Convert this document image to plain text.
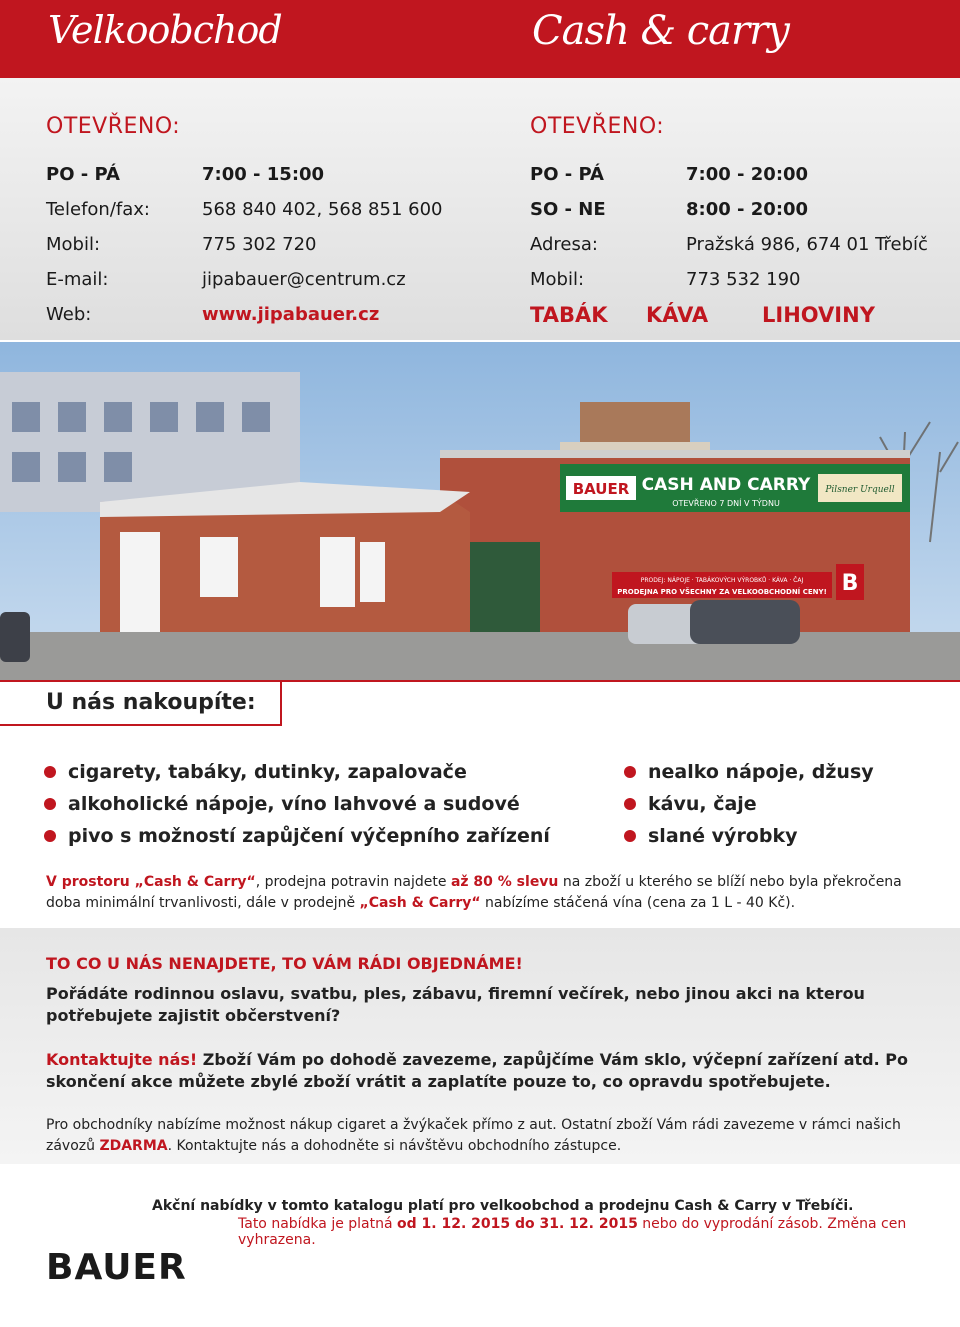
Velkoobchod	Cash & carry
OTEVŘENO:
PO - PÁ	7:00 - 15:00
Telefon/fax:	568 840 402, 568 851 600
Mobil:	775 302 720
E-mail:	jipabauer@centrum.cz
Web:	www.jipabauer.cz
OTEVŘENO:
PO - PÁ	7:00 - 20:00
SO - NE	8:00 - 20:00
Adresa:	Pražská 986, 674 01 Třebíč
Mobil:	773 532 190
TABÁK	KÁVA	LIHOVINY
BAUER CASH AND CARRY
OTEVŘENO 7 DNÍ V TÝDNU
Pilsner Urquell
PRODEJ: NÁPOJE · TABÁKOVÝCH VÝROBKŮ · KÁVA · ČAJ
PRODEJNA PRO VŠECHNY ZA VELKOOBCHODNÍ CENY! B
U nás nakoupíte:
cigarety, tabáky, dutinky, zapalovače
alkoholické nápoje, víno lahvové a sudové
pivo s možností zapůjčení výčepního zařízení
nealko nápoje, džusy
kávu, čaje
slané výrobky

V prostoru „Cash & Carry“, prodejna potravin najdete až 80 % slevu na zboží u kterého se blíží nebo byla překročena doba minimální trvanlivosti, dále v prodejně „Cash & Carry“ nabízíme stáčená vína (cena za 1 L - 40 Kč).

TO CO U NÁS NENAJDETE, TO VÁM RÁDI OBJEDNÁME!

Pořádáte rodinnou oslavu, svatbu, ples, zábavu, firemní večírek, nebo jinou akci na kterou potřebujete zajistit občerstvení?

Kontaktujte nás! Zboží Vám po dohodě zavezeme, zapůjčíme Vám sklo, výčepní zařízení atd. Po skončení akce můžete zbylé zboží vrátit a zaplatíte pouze to, co opravdu spotřebujete.

Pro obchodníky nabízíme možnost nákup cigaret a žvýkaček přímo z aut. Ostatní zboží Vám rádi zavezeme v rámci našich závozů ZDARMA. Kontaktujte nás a dohodněte si návštěvu obchodního zástupce.

Akční nabídky v tomto katalogu platí pro velkoobchod a prodejnu Cash & Carry v Třebíči.
Tato nabídka je platná od 1. 12. 2015 do 31. 12. 2015 nebo do vyprodání zásob. Změna cen vyhrazena.
BAUER
